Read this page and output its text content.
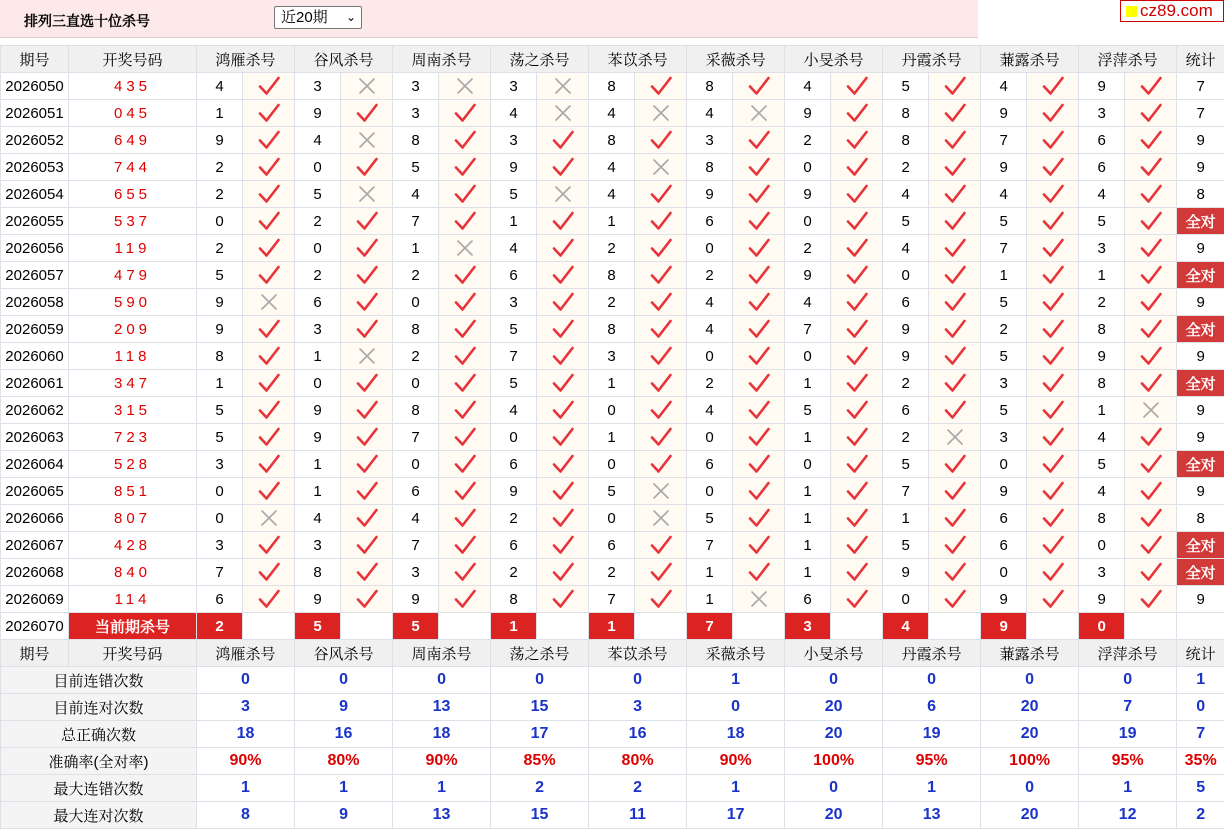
排列三直选十位杀号	近20期 ⌄	cz89.com
期号	开奖号码	鸿雁杀号		谷风杀号		周南杀号		荡之杀号		苯苡杀号		采薇杀号		小旻杀号		丹霞杀号		蒹露杀号		浮萍杀号		统计
2026050	435	4		3		3		3		8		8		4		5		4		9		7
2026051	045	1		9		3		4		4		4		9		8		9		3		7
2026052	649	9		4		8		3		8		3		2		8		7		6		9
2026053	744	2		0		5		9		4		8		0		2		9		6		9
2026054	655	2		5		4		5		4		9		9		4		4		4		8
2026055	537	0		2		7		1		1		6		0		5		5		5		全对
2026056	119	2		0		1		4		2		0		2		4		7		3		9
2026057	479	5		2		2		6		8		2		9		0		1		1		全对
2026058	590	9		6		0		3		2		4		4		6		5		2		9
2026059	209	9		3		8		5		8		4		7		9		2		8		全对
2026060	118	8		1		2		7		3		0		0		9		5		9		9
2026061	347	1		0		0		5		1		2		1		2		3		8		全对
2026062	315	5		9		8		4		0		4		5		6		5		1		9
2026063	723	5		9		7		0		1		0		1		2		3		4		9
2026064	528	3		1		0		6		0		6		0		5		0		5		全对
2026065	851	0		1		6		9		5		0		1		7		9		4		9
2026066	807	0		4		4		2		0		5		1		1		6		8		8
2026067	428	3		3		7		6		6		7		1		5		6		0		全对
2026068	840	7		8		3		2		2		1		1		9		0		3		全对
2026069	114	6		9		9		8		7		1		6		0		9		9		9
2026070	当前期杀号	2		5		5		1		1		7		3		4		9		0		
期号	开奖号码	鸿雁杀号		谷风杀号		周南杀号		荡之杀号		苯苡杀号		采薇杀号		小旻杀号		丹霞杀号		蒹露杀号		浮萍杀号		统计
目前连错次数		0		0		0		0		0		1		0		0		0		0		1
目前连对次数		3		9		13		15		3		0		20		6		20		7		0
总正确次数		18		16		18		17		16		18		20		19		20		19		7
准确率(全对率)		90%		80%		90%		85%		80%		90%		100%		95%		100%		95%		35%
最大连错次数		1		1		1		2		2		1		0		1		0		1		5
最大连对次数		8		9		13		15		11		17		20		13		20		12		2
